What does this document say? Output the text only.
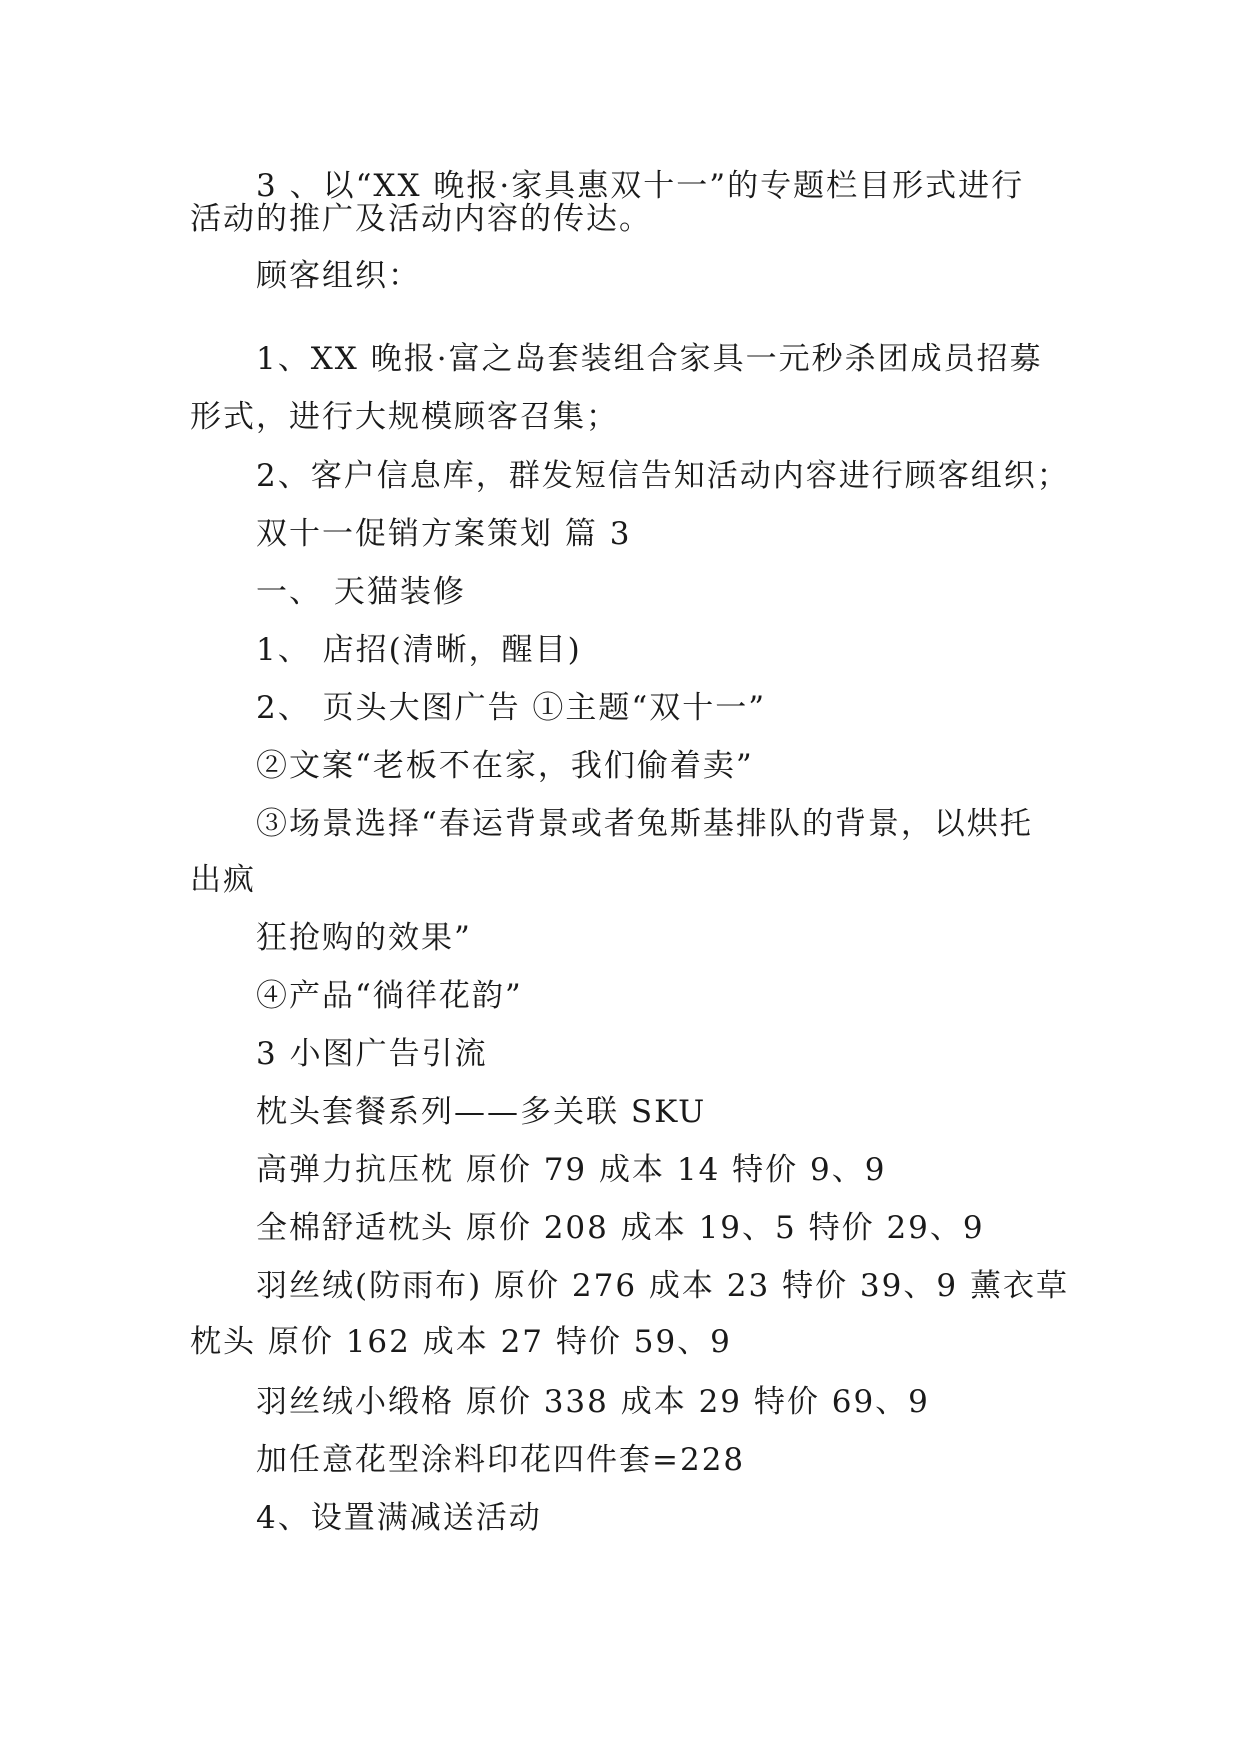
3 、以“XX 晚报·家具惠双十一”的专题栏目形式进行
活动的推广及活动内容的传达。
顾客组织：
1、XX 晚报·富之岛套装组合家具一元秒杀团成员招募
形式，进行大规模顾客召集；
2、客户信息库，群发短信告知活动内容进行顾客组织；
双十一促销方案策划 篇 3
一、 天猫装修
1、 店招(清晰，醒目)
2、 页头大图广告 ①主题“双十一”
②文案“老板不在家，我们偷着卖”
③场景选择“春运背景或者兔斯基排队的背景，以烘托
出疯
狂抢购的效果”
④产品“徜徉花韵”
3 小图广告引流
枕头套餐系列——多关联 SKU
高弹力抗压枕 原价 79 成本 14 特价 9、9
全棉舒适枕头 原价 208 成本 19、5 特价 29、9
羽丝绒(防雨布) 原价 276 成本 23 特价 39、9 薰衣草
枕头 原价 162 成本 27 特价 59、9
羽丝绒小缎格 原价 338 成本 29 特价 69、9
加任意花型涂料印花四件套=228
4、设置满减送活动
